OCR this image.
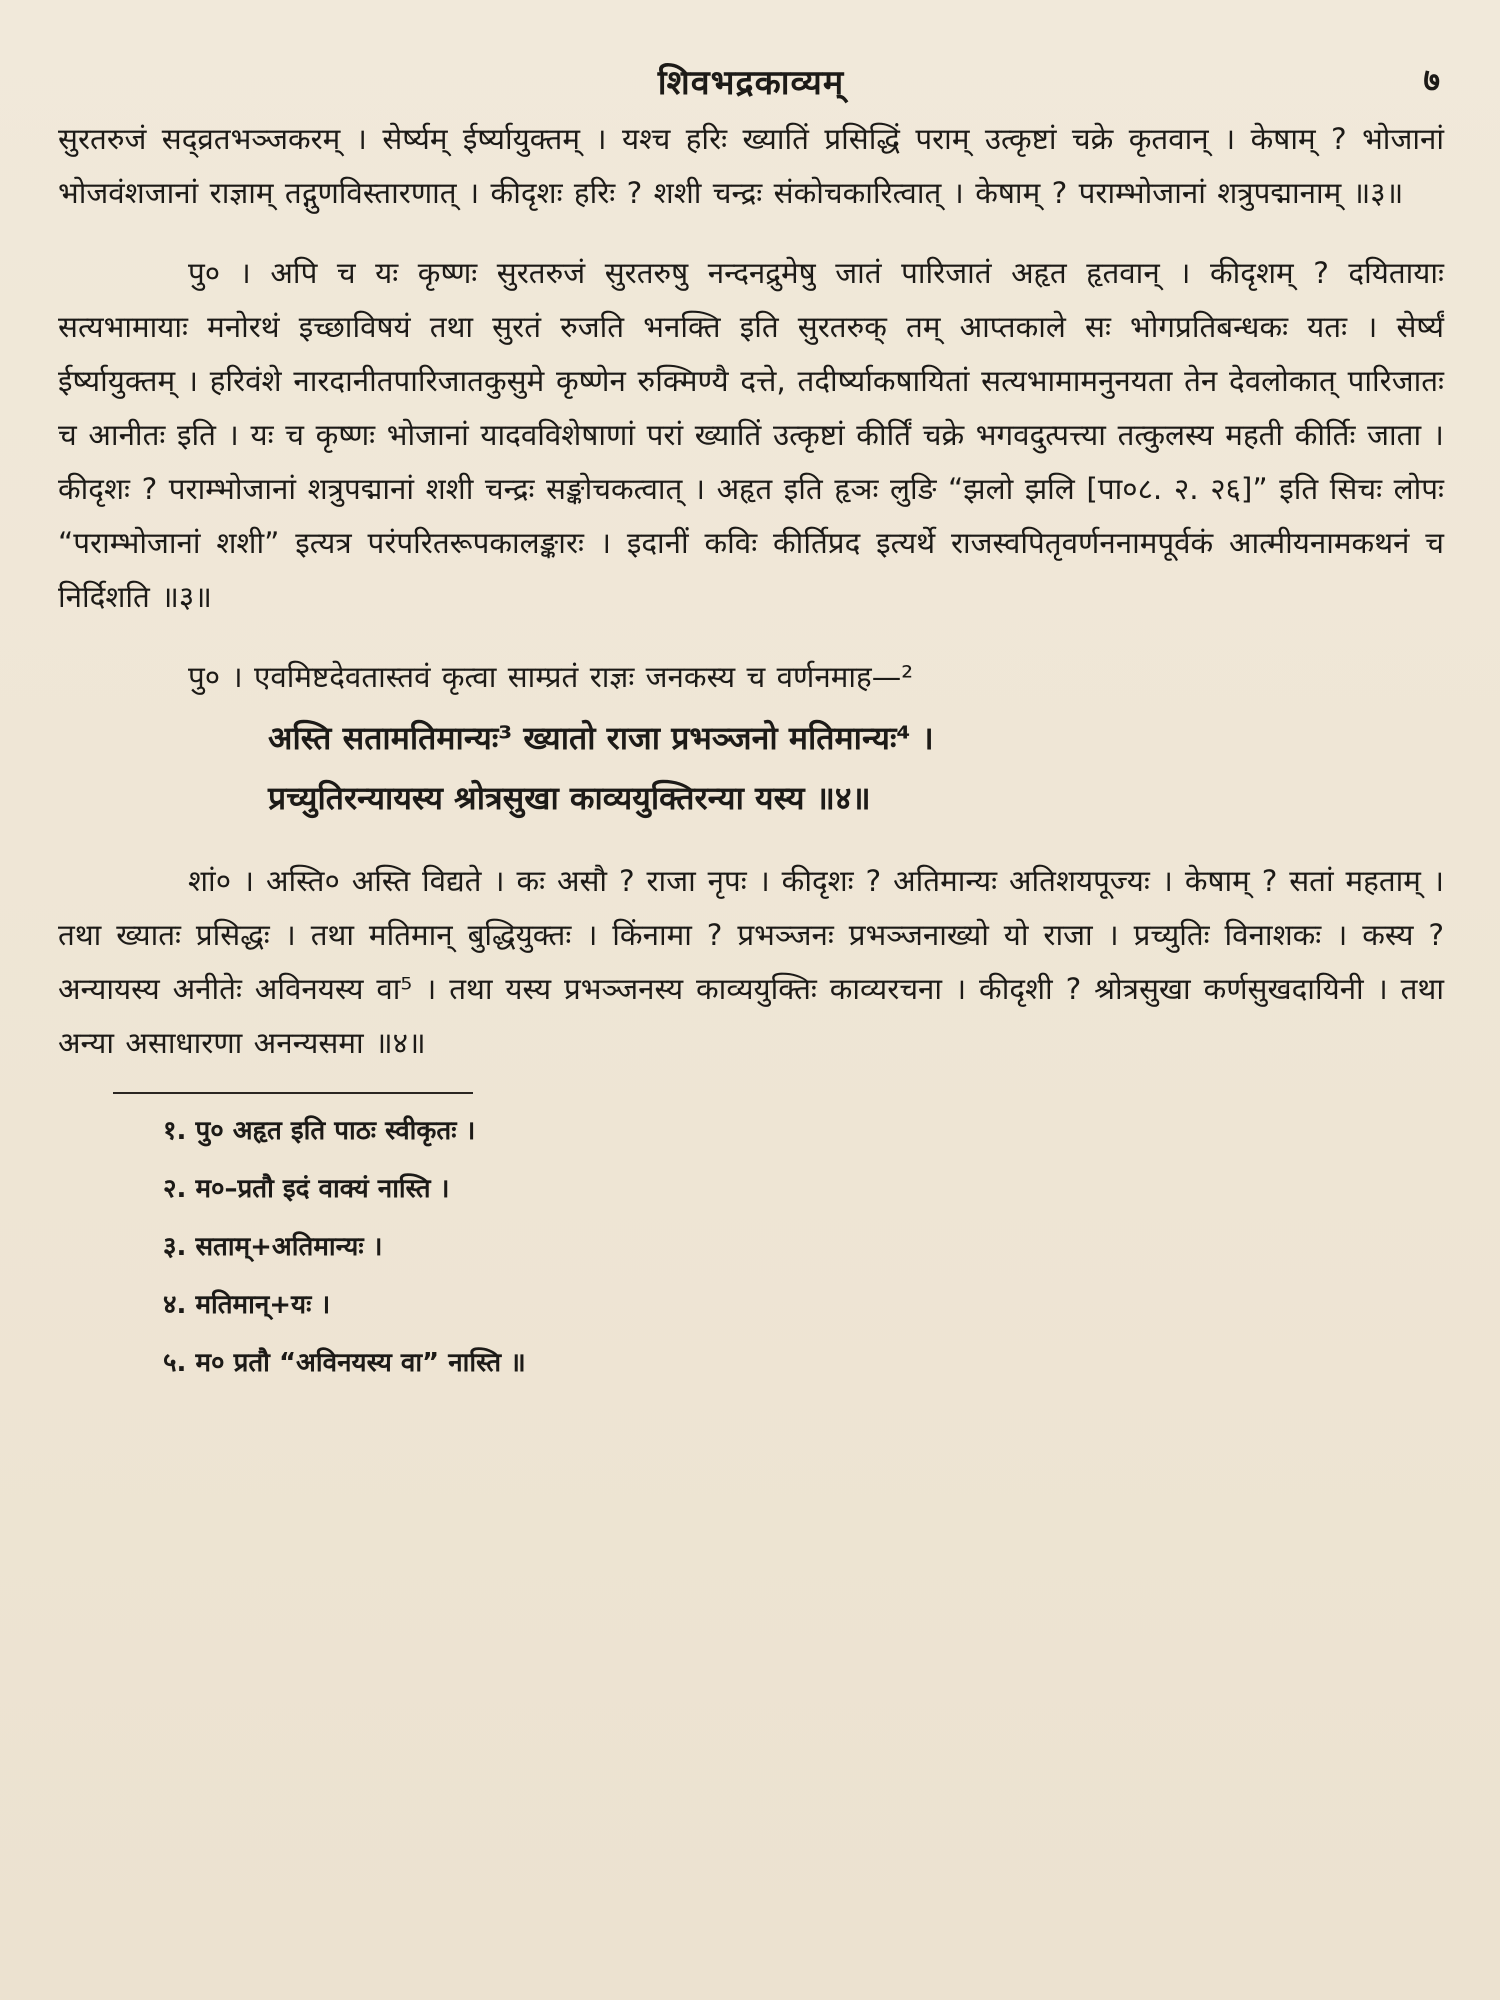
शिवभद्रकाव्यम्	७

सुरतरुजं सद्व्रतभञ्जकरम् । सेर्ष्यम् ईर्ष्यायुक्तम् । यश्च हरिः ख्यातिं प्रसिद्धिं पराम् उत्कृष्टां चक्रे कृतवान् । केषाम् ? भोजानां भोजवंशजानां राज्ञाम् तद्गुणविस्तारणात् । कीदृशः हरिः ? शशी चन्द्रः संकोचकारित्वात् । केषाम् ? पराम्भोजानां शत्रुपद्मानाम् ॥३॥

पु० । अपि च यः कृष्णः सुरतरुजं सुरतरुषु नन्दनद्रुमेषु जातं पारिजातं अहृत हृतवान् । कीदृशम् ? दयितायाः सत्यभामायाः मनोरथं इच्छाविषयं तथा सुरतं रुजति भनक्ति इति सुरतरुक् तम् आप्तकाले सः भोगप्रतिबन्धकः यतः । सेर्ष्यं ईर्ष्यायुक्तम् । हरिवंशे नारदानीतपारिजातकुसुमे कृष्णेन रुक्मिण्यै दत्ते, तदीर्ष्याकषायितां सत्यभामामनुनयता तेन देवलोकात् पारिजातः च आनीतः इति । यः च कृष्णः भोजानां यादवविशेषाणां परां ख्यातिं उत्कृष्टां कीर्तिं चक्रे भगवदुत्पत्त्या तत्कुलस्य महती कीर्तिः जाता । कीदृशः ? पराम्भोजानां शत्रुपद्मानां शशी चन्द्रः सङ्कोचकत्वात् । अहृत इति हृञः लुङि “झलो झलि [पा०८. २. २६]” इति सिचः लोपः “पराम्भोजानां शशी” इत्यत्र परंपरितरूपकालङ्कारः । इदानीं कविः कीर्तिप्रद इत्यर्थे राजस्वपितृवर्णननामपूर्वकं आत्मीयनामकथनं च निर्दिशति ॥३॥

पु० । एवमिष्टदेवतास्तवं कृत्वा साम्प्रतं राज्ञः जनकस्य च वर्णनमाह—²

अस्ति सतामतिमान्यः³ ख्यातो राजा प्रभञ्जनो मतिमान्यः⁴ ।

प्रच्युतिरन्यायस्य श्रोत्रसुखा काव्ययुक्तिरन्या यस्य ॥४॥

शां० । अस्ति० अस्ति विद्यते । कः असौ ? राजा नृपः । कीदृशः ? अतिमान्यः अतिशयपूज्यः । केषाम् ? सतां महताम् । तथा ख्यातः प्रसिद्धः । तथा मतिमान् बुद्धियुक्तः । किंनामा ? प्रभञ्जनः प्रभञ्जनाख्यो यो राजा । प्रच्युतिः विनाशकः । कस्य ? अन्यायस्य अनीतेः अविनयस्य वा⁵ । तथा यस्य प्रभञ्जनस्य काव्ययुक्तिः काव्यरचना । कीदृशी ? श्रोत्रसुखा कर्णसुखदायिनी । तथा अन्या असाधारणा अनन्यसमा ॥४॥

१. पु० अहृत इति पाठः स्वीकृतः ।

२. म०–प्रतौ इदं वाक्यं नास्ति ।

३. सताम्+अतिमान्यः ।

४. मतिमान्+यः ।

५. म० प्रतौ “अविनयस्य वा” नास्ति ॥
